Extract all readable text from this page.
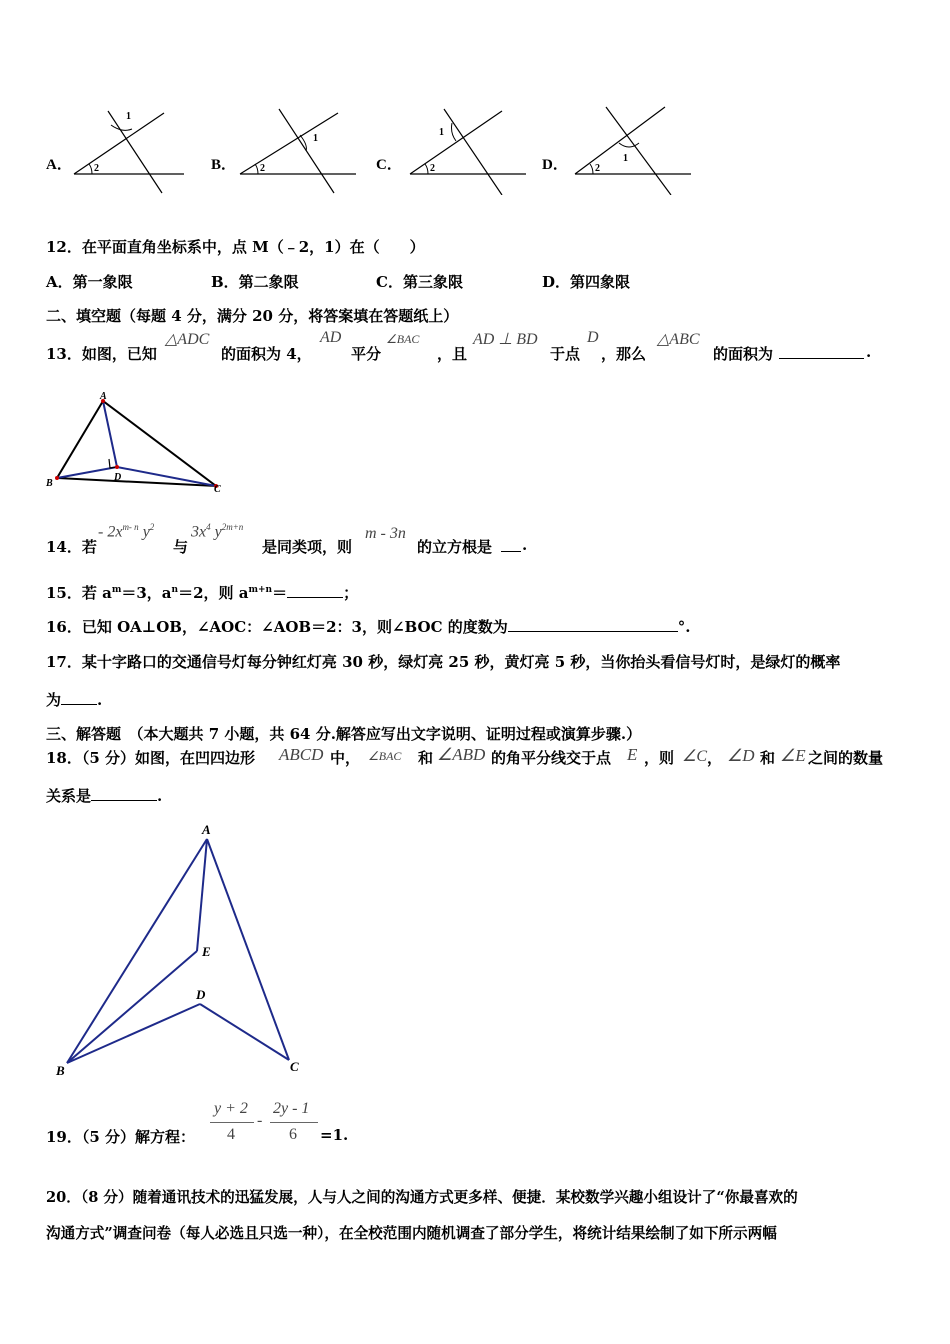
A．
1
2	B．
1
2	C．
1
2	D．	1
2
12．在平面直角坐标系中，点 M（﹣2，1）在（　　）
A．第一象限	B．第二象限	C．第三象限	D．第四象限
二、填空题（每题 4 分，满分 20 分，将答案填在答题纸上）
13．如图，已知
△ADC
的面积为 4，
AD
平分
∠BAC
，且
AD ⊥ BD
于点
D
，那么
△ABC
的面积为	.
A
B
C
D
14．若
- $2x^{m- n}$ $y^2$
与
$3x^4$ $y^{2m+n}$
是同类项，则
m - 3n
的立方根是 .
15．若 $a^m=3$，$a^n=2$，则 $a^{m+n}=$	；
16．已知 OA⊥OB，∠AOC：∠AOB＝2：3，则∠BOC 的度数为	°.
17．某十字路口的交通信号灯每分钟红灯亮 30 秒，绿灯亮 25 秒，黄灯亮 5 秒，当你抬头看信号灯时，是绿灯的概率
为 .
三、解答题　（本大题共 7 小题，共 64 分.解答应写出文字说明、证明过程或演算步骤.）
18．（5 分）如图，在凹四边形 ABCD 中， ∠BAC 和 ∠ABD 的角平分线交于点 E ，则 ∠C ， ∠D 和 ∠E 之间的数量
关系是	.
A
B	C
D
E
19．（5 分）解方程：
y + 2
4
-
2y - 1
6 =1.
20．（8 分）随着通讯技术的迅猛发展，人与人之间的沟通方式更多样、便捷．某校数学兴趣小组设计了“你最喜欢的
沟通方式”调查问卷（每人必选且只选一种），在全校范围内随机调查了部分学生，将统计结果绘制了如下所示两幅
